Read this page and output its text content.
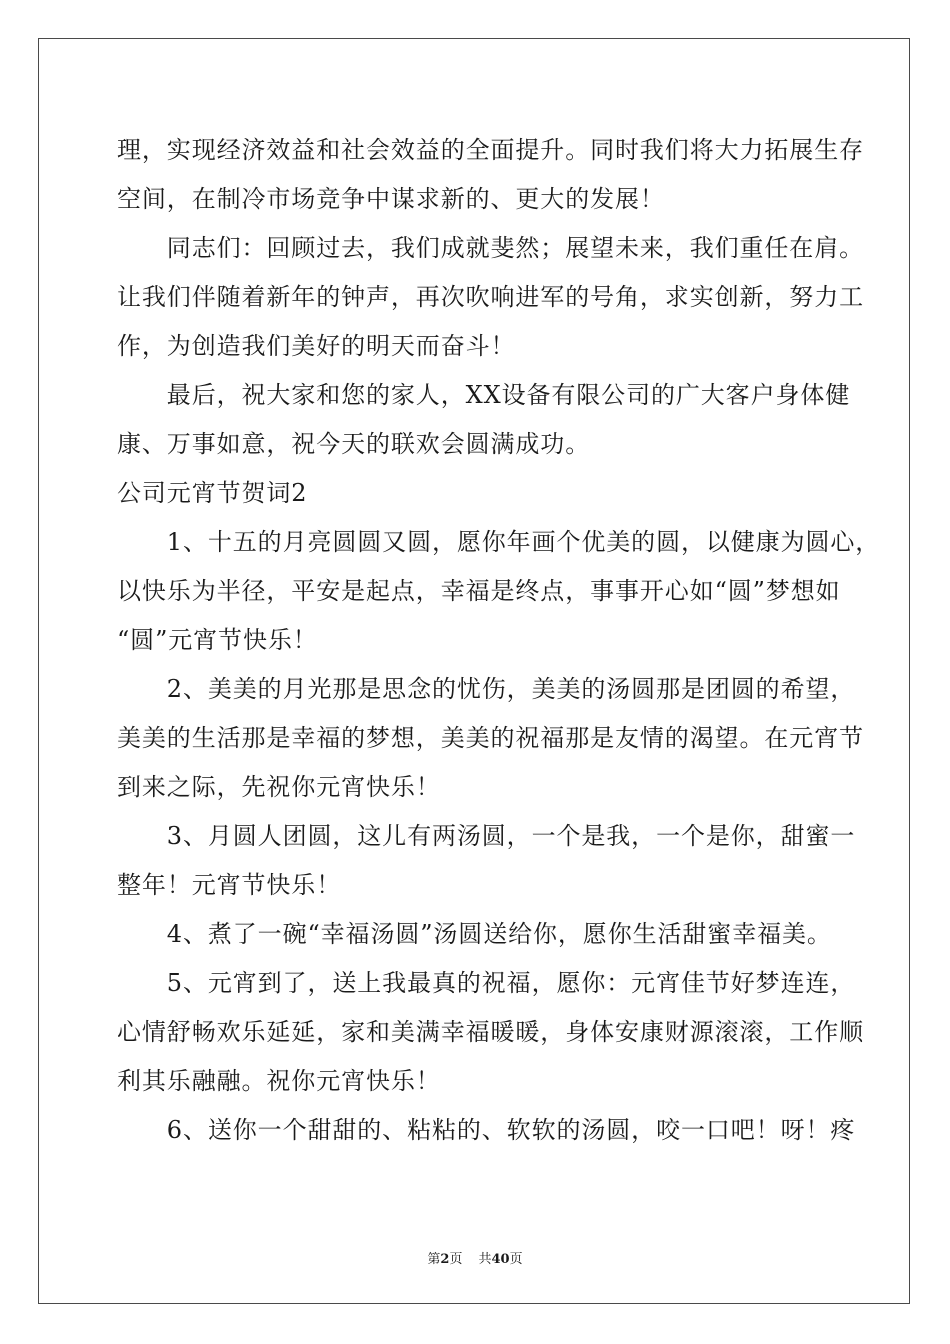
理，实现经济效益和社会效益的全面提升。同时我们将大力拓展生存
空间，在制冷市场竞争中谋求新的、更大的发展！
　　同志们：回顾过去，我们成就斐然；展望未来，我们重任在肩。
让我们伴随着新年的钟声，再次吹响进军的号角，求实创新，努力工
作，为创造我们美好的明天而奋斗！
　　最后，祝大家和您的家人，XX设备有限公司的广大客户身体健
康、万事如意，祝今天的联欢会圆满成功。
公司元宵节贺词2
　　1、十五的月亮圆圆又圆，愿你年画个优美的圆，以健康为圆心，
以快乐为半径，平安是起点，幸福是终点，事事开心如“圆”梦想如
“圆”元宵节快乐！
　　2、美美的月光那是思念的忧伤，美美的汤圆那是团圆的希望，
美美的生活那是幸福的梦想，美美的祝福那是友情的渴望。在元宵节
到来之际，先祝你元宵快乐！
　　3、月圆人团圆，这儿有两汤圆，一个是我，一个是你，甜蜜一
整年！元宵节快乐！
　　4、煮了一碗“幸福汤圆”汤圆送给你，愿你生活甜蜜幸福美。
　　5、元宵到了，送上我最真的祝福，愿你：元宵佳节好梦连连，
心情舒畅欢乐延延，家和美满幸福暖暖，身体安康财源滚滚，工作顺
利其乐融融。祝你元宵快乐！
　　6、送你一个甜甜的、粘粘的、软软的汤圆，咬一口吧！呀！疼
第2页 共40页
